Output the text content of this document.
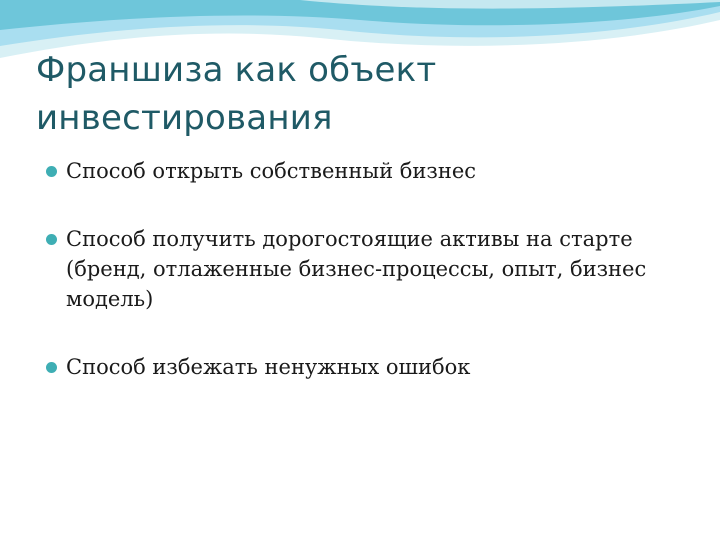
Франшиза как объект
инвестирования
Способ открыть собственный бизнес
Способ получить дорогостоящие активы на старте (бренд, отлаженные бизнес-процессы, опыт, бизнес модель)
Способ избежать ненужных ошибок
